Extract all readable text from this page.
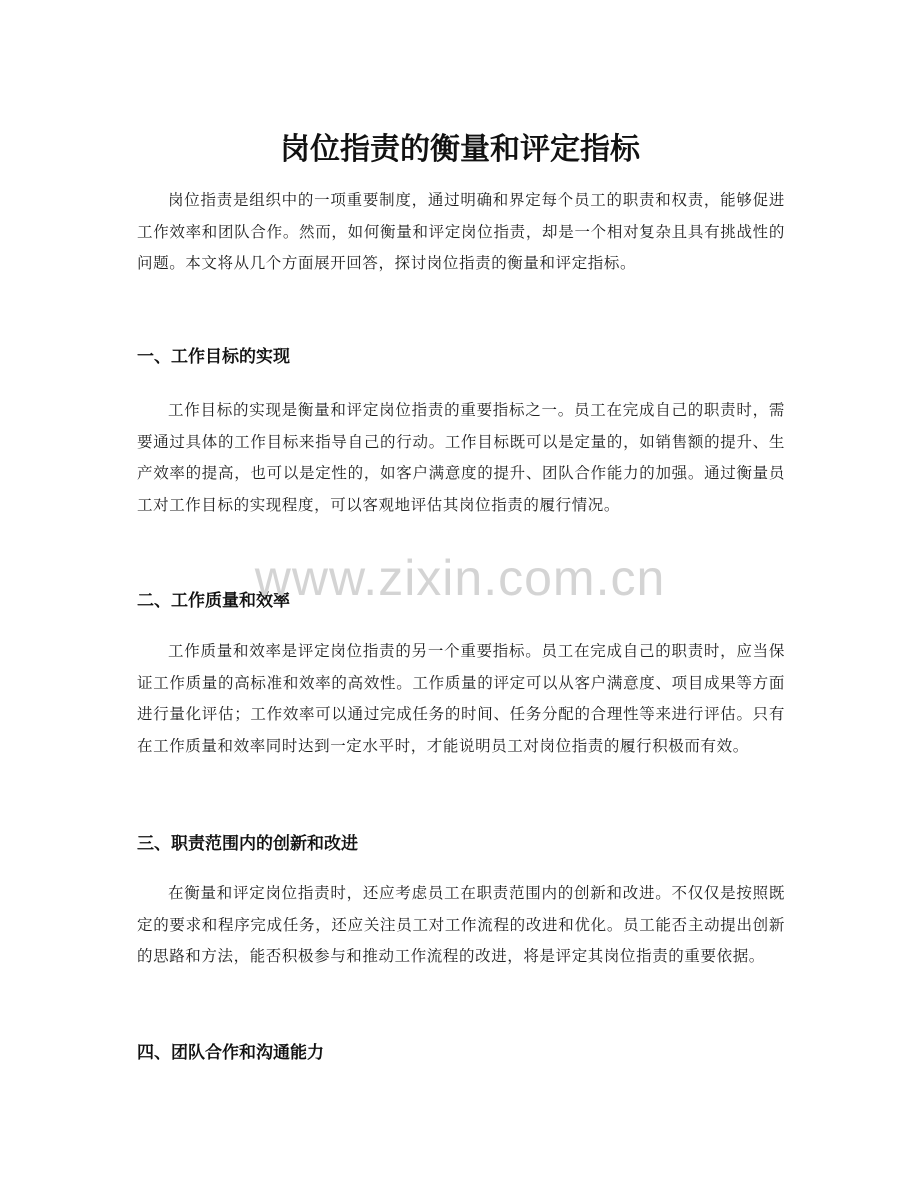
岗位指责的衡量和评定指标

岗位指责是组织中的一项重要制度，通过明确和界定每个员工的职责和权责，能够促进工作效率和团队合作。然而，如何衡量和评定岗位指责，却是一个相对复杂且具有挑战性的问题。本文将从几个方面展开回答，探讨岗位指责的衡量和评定指标。

一、工作目标的实现

工作目标的实现是衡量和评定岗位指责的重要指标之一。员工在完成自己的职责时，需要通过具体的工作目标来指导自己的行动。工作目标既可以是定量的，如销售额的提升、生产效率的提高，也可以是定性的，如客户满意度的提升、团队合作能力的加强。通过衡量员工对工作目标的实现程度，可以客观地评估其岗位指责的履行情况。

二、工作质量和效率

工作质量和效率是评定岗位指责的另一个重要指标。员工在完成自己的职责时，应当保证工作质量的高标准和效率的高效性。工作质量的评定可以从客户满意度、项目成果等方面进行量化评估；工作效率可以通过完成任务的时间、任务分配的合理性等来进行评估。只有在工作质量和效率同时达到一定水平时，才能说明员工对岗位指责的履行积极而有效。

三、职责范围内的创新和改进

在衡量和评定岗位指责时，还应考虑员工在职责范围内的创新和改进。不仅仅是按照既定的要求和程序完成任务，还应关注员工对工作流程的改进和优化。员工能否主动提出创新的思路和方法，能否积极参与和推动工作流程的改进，将是评定其岗位指责的重要依据。

四、团队合作和沟通能力
www.zixin.com.cn
